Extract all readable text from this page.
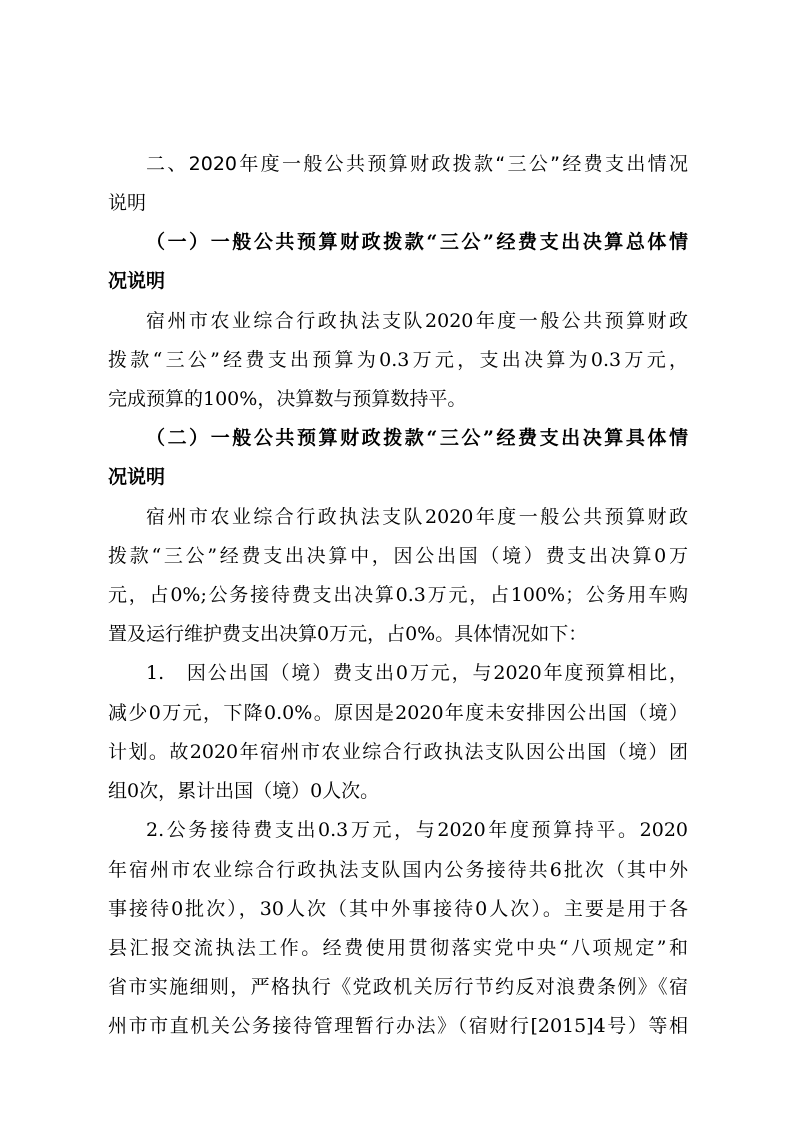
二、2020年度一般公共预算财政拨款“三公”经费支出情况
说明
（一）一般公共预算财政拨款“三公”经费支出决算总体情
况说明
宿州市农业综合行政执法支队2020年度一般公共预算财政
拨款“三公”经费支出预算为0.3万元，支出决算为0.3万元，
完成预算的100%，决算数与预算数持平。
（二）一般公共预算财政拨款“三公”经费支出决算具体情
况说明
宿州市农业综合行政执法支队2020年度一般公共预算财政
拨款“三公”经费支出决算中，因公出国（境）费支出决算0万
元，占0%;公务接待费支出决算0.3万元，占100%；公务用车购
置及运行维护费支出决算0万元，占0%。具体情况如下：
1.　因公出国（境）费支出0万元，与2020年度预算相比，
减少0万元，下降0.0%。原因是2020年度未安排因公出国（境）
计划。故2020年宿州市农业综合行政执法支队因公出国（境）团
组0次，累计出国（境）0人次。
2.公务接待费支出0.3万元，与2020年度预算持平。2020
年宿州市农业综合行政执法支队国内公务接待共6批次（其中外
事接待0批次），30人次（其中外事接待0人次）。主要是用于各
县汇报交流执法工作。经费使用贯彻落实党中央“八项规定”和
省市实施细则，严格执行《党政机关厉行节约反对浪费条例》《宿
州市市直机关公务接待管理暂行办法》（宿财行[2015]4号）等相
